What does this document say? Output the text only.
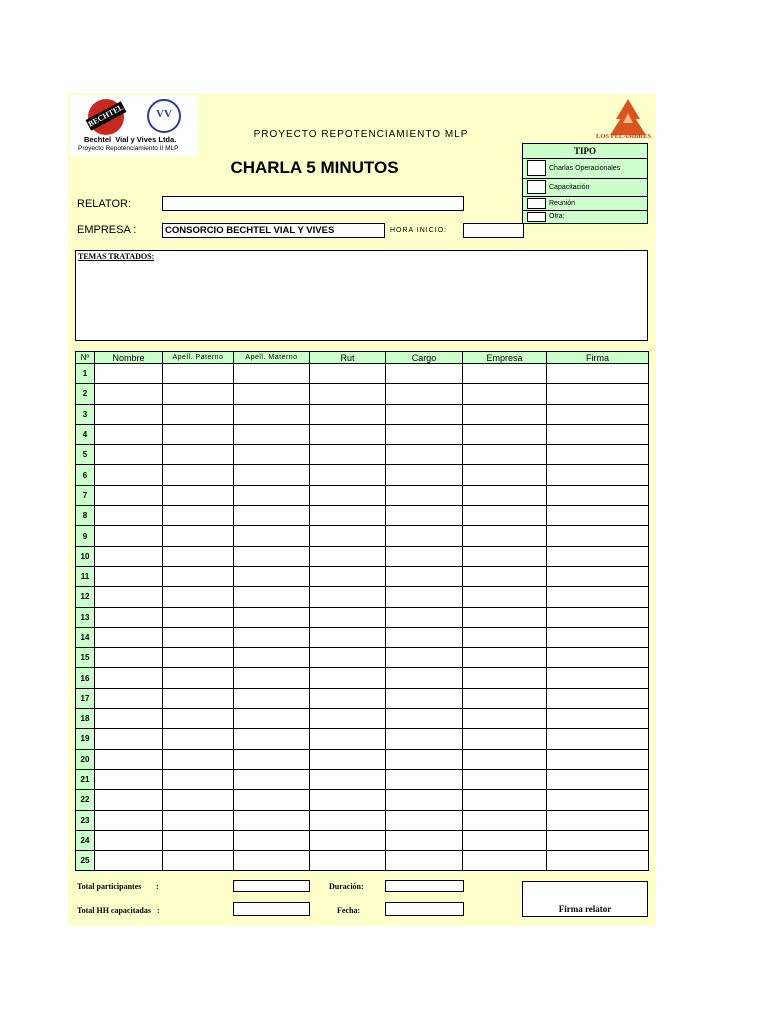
BECHTEL	VV
Bechtel Vial y Vives Ltda.
Proyecto Repotenciamiento II MLP
LOS PELAMBRES
PROYECTO REPOTENCIAMIENTO MLP
CHARLA 5 MINUTOS
TIPO
Charlas Operacionales
Capacitación
Reunión
Otra:
RELATOR:
EMPRESA :	CONSORCIO BECHTEL VIAL Y VIVES	HORA INICIO:
TEMAS TRATADOS:
Nº	Nombre	Apell. Paterno	Apell. Materno	Rut	Cargo	Empresa	Firma
1							
2							
3							
4							
5							
6							
7							
8							
9							
10							
11							
12							
13							
14							
15							
16							
17							
18							
19							
20							
21							
22							
23							
24							
25							
Total participantes :
Total HH capacitadas :
Duración:
Fecha:	Firma relator
